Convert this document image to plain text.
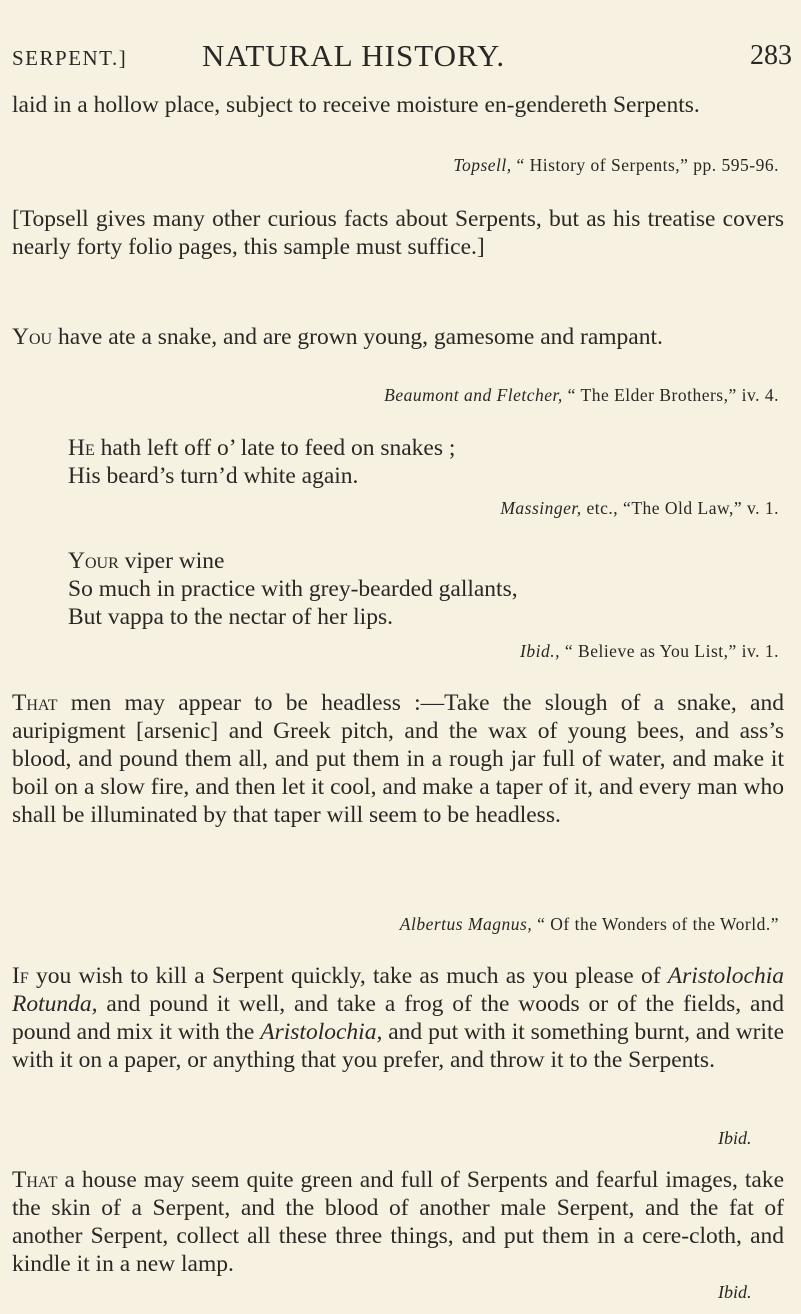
SERPENT.] NATURAL HISTORY.	283

laid in a hollow place, subject to receive moisture en-gendereth Serpents.

Topsell, “ History of Serpents,” pp. 595-96.

[Topsell gives many other curious facts about Serpents, but as his treatise covers nearly forty folio pages, this sample must suffice.]

You have ate a snake, and are grown young, gamesome and rampant.

Beaumont and Fletcher, “ The Elder Brothers,” iv. 4.

He hath left off o’ late to feed on snakes ;

His beard’s turn’d white again.

Massinger, etc., “The Old Law,” v. 1.

Your viper wine

So much in practice with grey-bearded gallants,

But vappa to the nectar of her lips.

Ibid., “ Believe as You List,” iv. 1.

That men may appear to be headless :—Take the slough of a snake, and auripigment [arsenic] and Greek pitch, and the wax of young bees, and ass’s blood, and pound them all, and put them in a rough jar full of water, and make it boil on a slow fire, and then let it cool, and make a taper of it, and every man who shall be illuminated by that taper will seem to be headless.

Albertus Magnus, “ Of the Wonders of the World.”

If you wish to kill a Serpent quickly, take as much as you please of Aristolochia Rotunda, and pound it well, and take a frog of the woods or of the fields, and pound and mix it with the Aristolochia, and put with it something burnt, and write with it on a paper, or anything that you prefer, and throw it to the Serpents.

Ibid.

That a house may seem quite green and full of Serpents and fearful images, take the skin of a Serpent, and the blood of another male Serpent, and the fat of another Serpent, collect all these three things, and put them in a cere-cloth, and kindle it in a new lamp.

Ibid.
